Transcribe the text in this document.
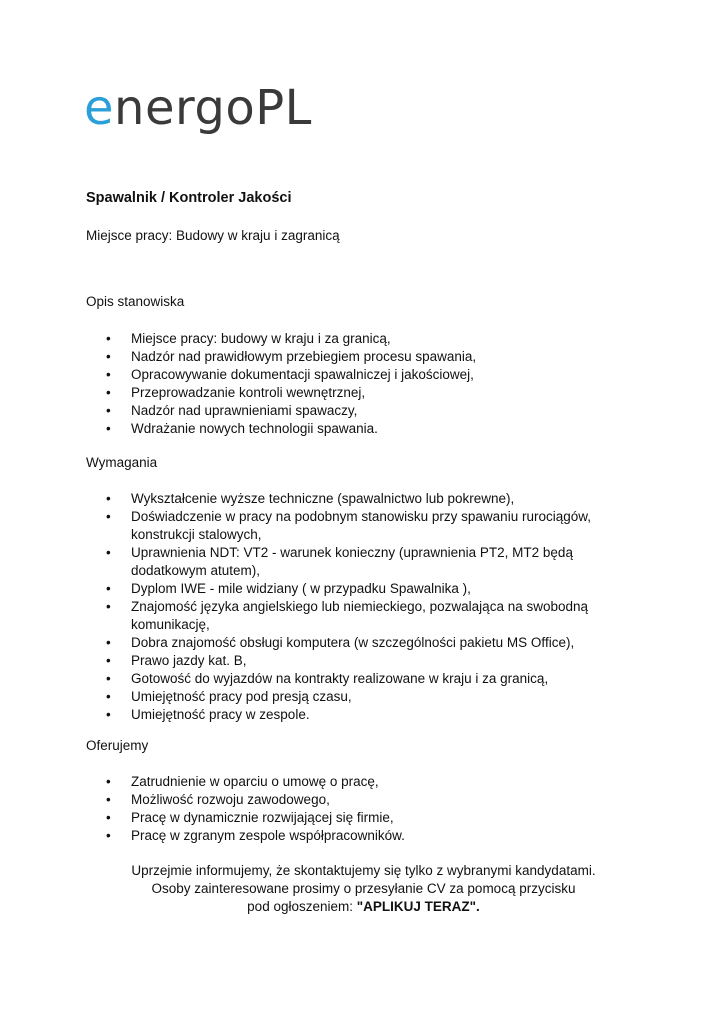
energoPL
Spawalnik / Kontroler Jakości
Miejsce pracy: Budowy w kraju i zagranicą
Opis stanowiska
• Miejsce pracy: budowy w kraju i za granicą,
• Nadzór nad prawidłowym przebiegiem procesu spawania,
• Opracowywanie dokumentacji spawalniczej i jakościowej,
• Przeprowadzanie kontroli wewnętrznej,
• Nadzór nad uprawnieniami spawaczy,
• Wdrażanie nowych technologii spawania.
Wymagania
• Wykształcenie wyższe techniczne (spawalnictwo lub pokrewne),
• Doświadczenie w pracy na podobnym stanowisku przy spawaniu rurociągów, konstrukcji stalowych,
• Uprawnienia NDT: VT2 - warunek konieczny (uprawnienia PT2, MT2 będą dodatkowym atutem),
• Dyplom IWE - mile widziany ( w przypadku Spawalnika ),
• Znajomość języka angielskiego lub niemieckiego, pozwalająca na swobodną komunikację,
• Dobra znajomość obsługi komputera (w szczególności pakietu MS Office),
• Prawo jazdy kat. B,
• Gotowość do wyjazdów na kontrakty realizowane w kraju i za granicą,
• Umiejętność pracy pod presją czasu,
• Umiejętność pracy w zespole.
Oferujemy
• Zatrudnienie w oparciu o umowę o pracę,
• Możliwość rozwoju zawodowego,
• Pracę w dynamicznie rozwijającej się firmie,
• Pracę w zgranym zespole współpracowników.
Uprzejmie informujemy, że skontaktujemy się tylko z wybranymi kandydatami.
Osoby zainteresowane prosimy o przesyłanie CV za pomocą przycisku
pod ogłoszeniem: "APLIKUJ TERAZ".
